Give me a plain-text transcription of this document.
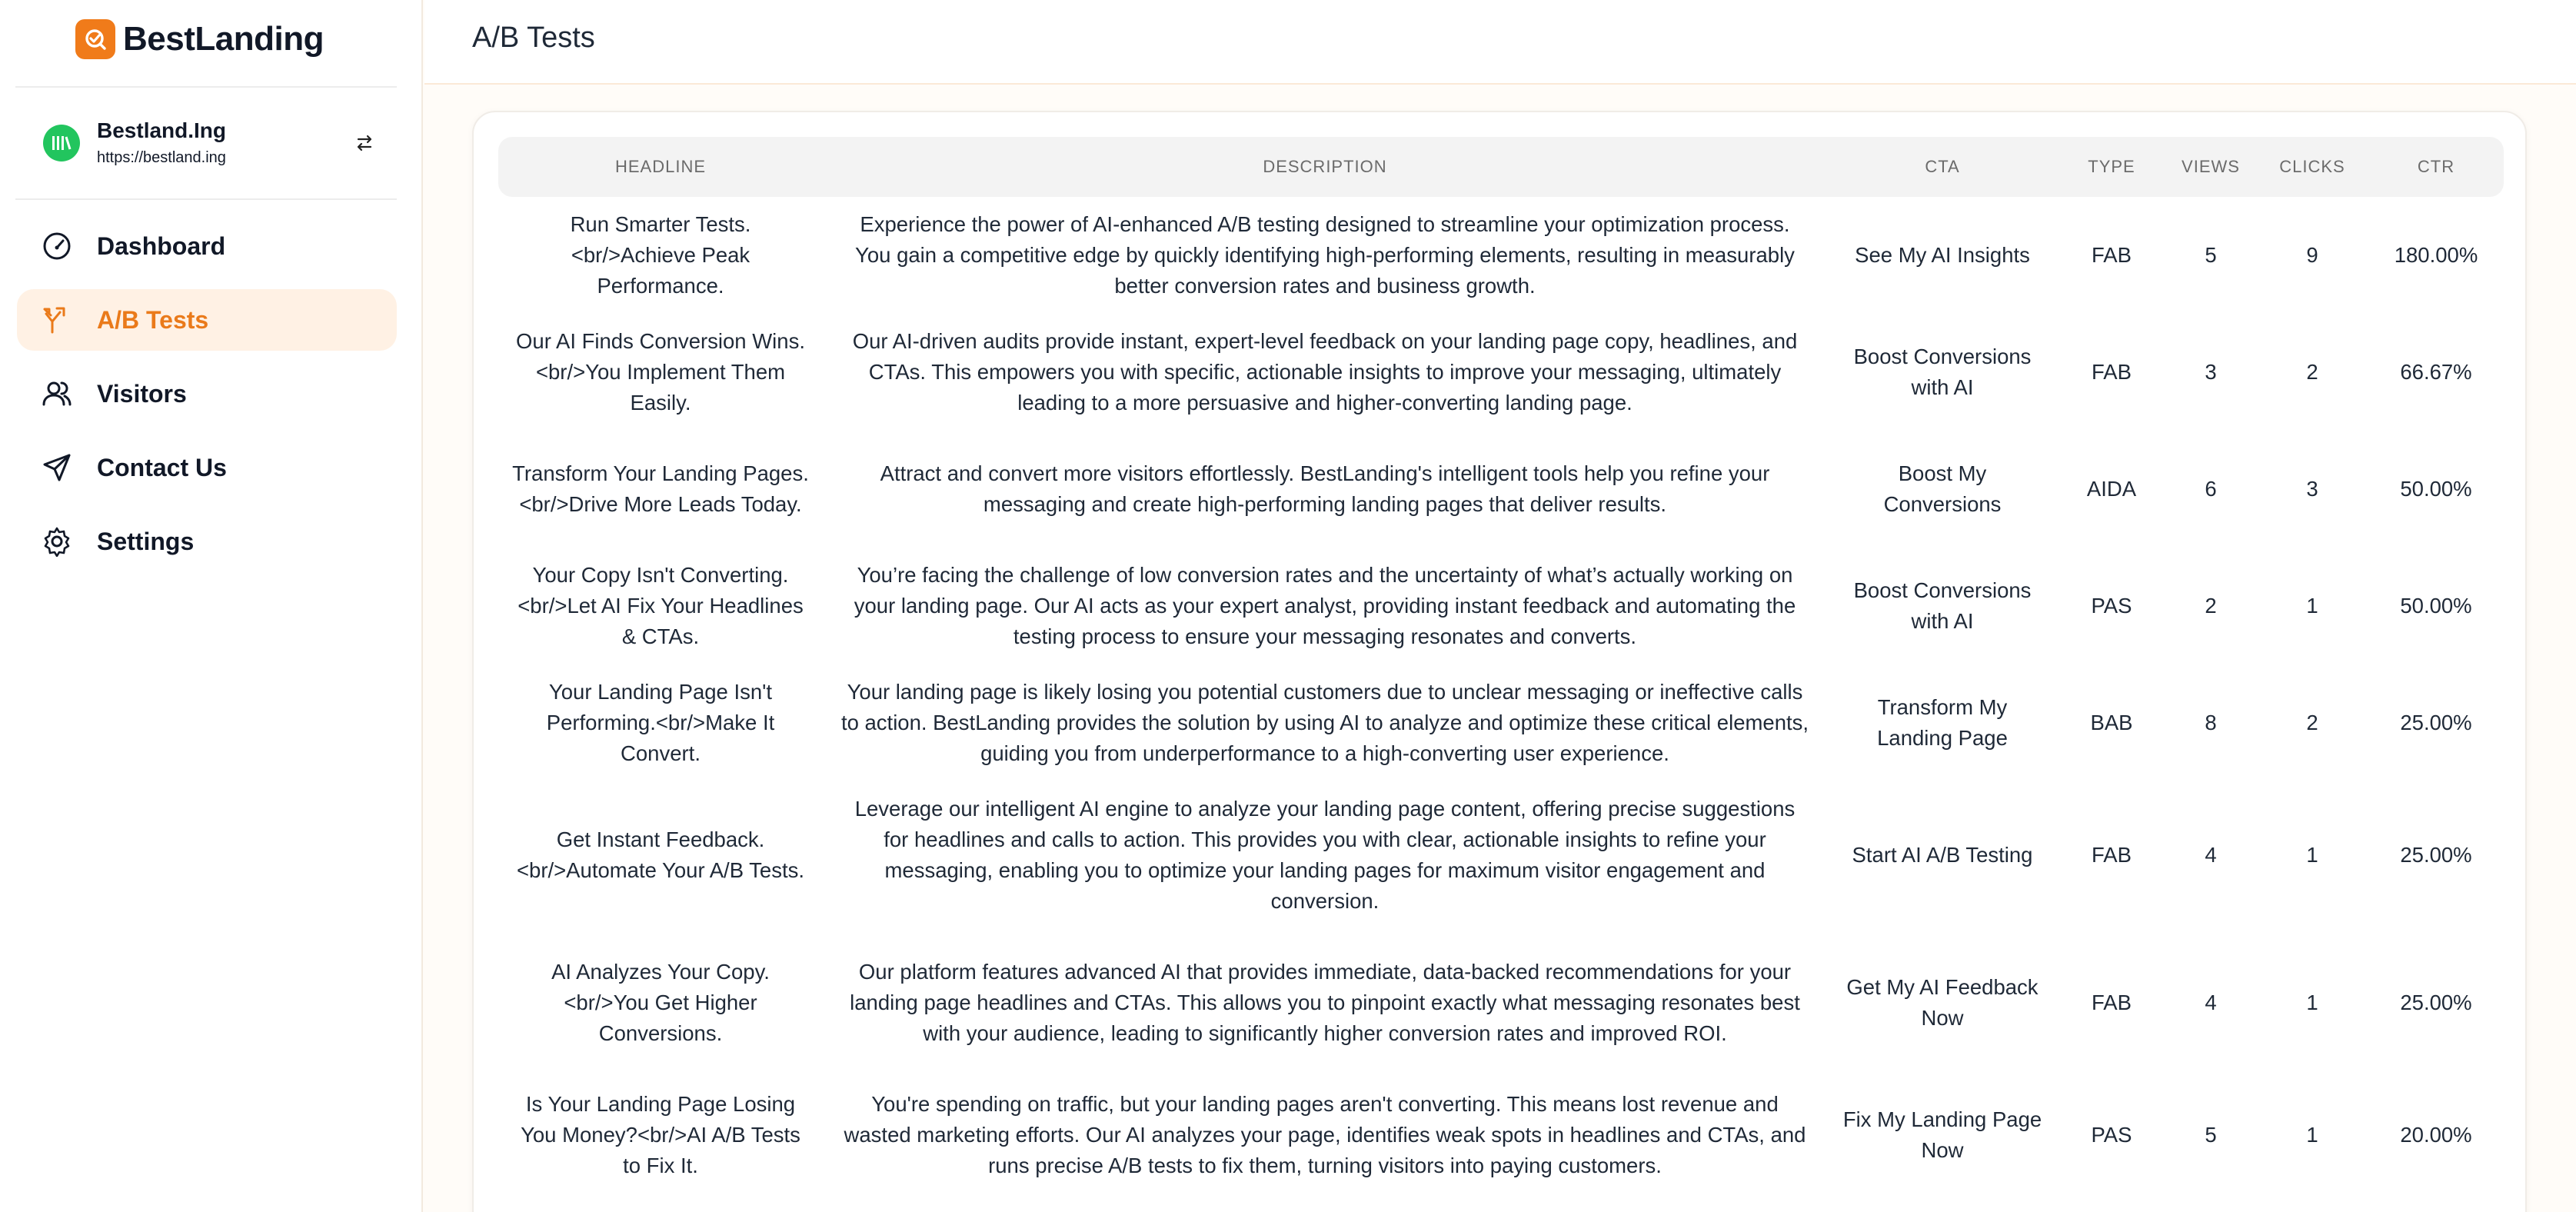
BestLanding
Bestland.Ing
https://bestland.ing
Dashboard
A/B Tests
Visitors
Contact Us
Settings
A/B Tests
HEADLINE	DESCRIPTION	CTA	TYPE	VIEWS	CLICKS	CTR
Run Smarter Tests.<br/>Achieve Peak Performance.	Experience the power of AI-enhanced A/B testing designed to streamline your optimization process. You gain a competitive edge by quickly identifying high-performing elements, resulting in measurably better conversion rates and business growth.	See My AI Insights	FAB	5	9	180.00%
Our AI Finds Conversion Wins.<br/>You Implement Them Easily.	Our AI-driven audits provide instant, expert-level feedback on your landing page copy, headlines, and CTAs. This empowers you with specific, actionable insights to improve your messaging, ultimately leading to a more persuasive and higher-converting landing page.	Boost Conversions with AI	FAB	3	2	66.67%
Transform Your Landing Pages.<br/>Drive More Leads Today.	Attract and convert more visitors effortlessly. BestLanding's intelligent tools help you refine your messaging and create high-performing landing pages that deliver results.	Boost My Conversions	AIDA	6	3	50.00%
Your Copy Isn't Converting.<br/>Let AI Fix Your Headlines & CTAs.	You’re facing the challenge of low conversion rates and the uncertainty of what’s actually working on your landing page. Our AI acts as your expert analyst, providing instant feedback and automating the testing process to ensure your messaging resonates and converts.	Boost Conversions with AI	PAS	2	1	50.00%
Your Landing Page Isn't Performing.<br/>Make It Convert.	Your landing page is likely losing you potential customers due to unclear messaging or ineffective calls to action. BestLanding provides the solution by using AI to analyze and optimize these critical elements, guiding you from underperformance to a high-converting user experience.	Transform My Landing Page	BAB	8	2	25.00%
Get Instant Feedback.<br/>Automate Your A/B Tests.	Leverage our intelligent AI engine to analyze your landing page content, offering precise suggestions for headlines and calls to action. This provides you with clear, actionable insights to refine your messaging, enabling you to optimize your landing pages for maximum visitor engagement and conversion.	Start AI A/B Testing	FAB	4	1	25.00%
AI Analyzes Your Copy.<br/>You Get Higher Conversions.	Our platform features advanced AI that provides immediate, data-backed recommendations for your landing page headlines and CTAs. This allows you to pinpoint exactly what messaging resonates best with your audience, leading to significantly higher conversion rates and improved ROI.	Get My AI Feedback Now	FAB	4	1	25.00%
Is Your Landing Page Losing You Money?<br/>AI A/B Tests to Fix It.	You're spending on traffic, but your landing pages aren't converting. This means lost revenue and wasted marketing efforts. Our AI analyzes your page, identifies weak spots in headlines and CTAs, and runs precise A/B tests to fix them, turning visitors into paying customers.	Fix My Landing Page Now	PAS	5	1	20.00%
